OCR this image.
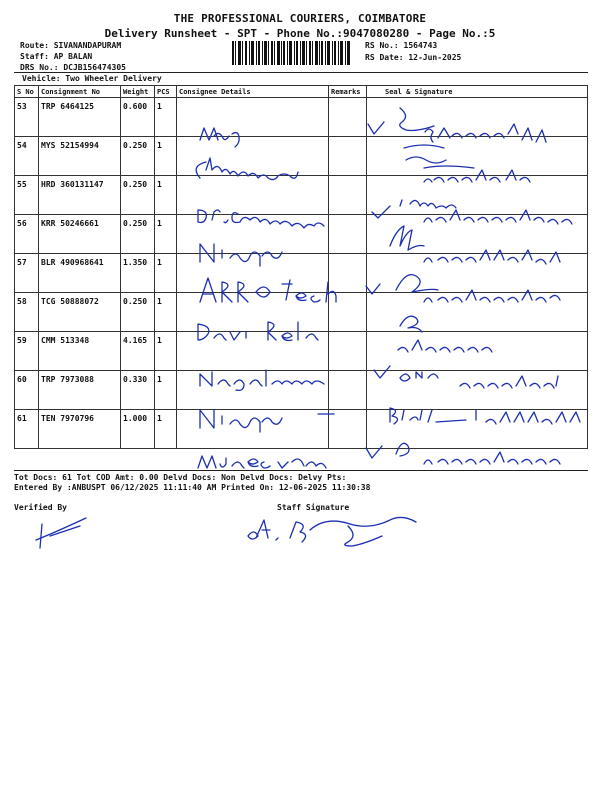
THE PROFESSIONAL COURIERS, COIMBATORE
Delivery Runsheet - SPT - Phone No.:9047080280 - Page No.:5
Route: SIVANANDAPURAM
Staff: AP BALAN
DRS No.: DCJB156474305
RS No.: 1564743
RS Date: 12-Jun-2025
Vehicle: Two Wheeler Delivery
S No	Consignment No	Weight	PCS	Consignee Details	Remarks	Seal & Signature
53	TRP 6464125	0.600	1			
54	MYS 52154994	0.250	1			
55	HRD 360131147	0.250	1			
56	KRR 50246661	0.250	1			
57	BLR 490968641	1.350	1			
58	TCG 50888072	0.250	1			
59	CMM 513348	4.165	1			
60	TRP 7973088	0.330	1			
61	TEN 7970796	1.000	1			
Tot Docs: 61 Tot COD Amt: 0.00 Delvd Docs: Non Delvd Docs: Delvy Pts:
Entered By :ANBUSPT 06/12/2025 11:11:40 AM Printed On: 12-06-2025 11:30:38
Verified By	Staff Signature
